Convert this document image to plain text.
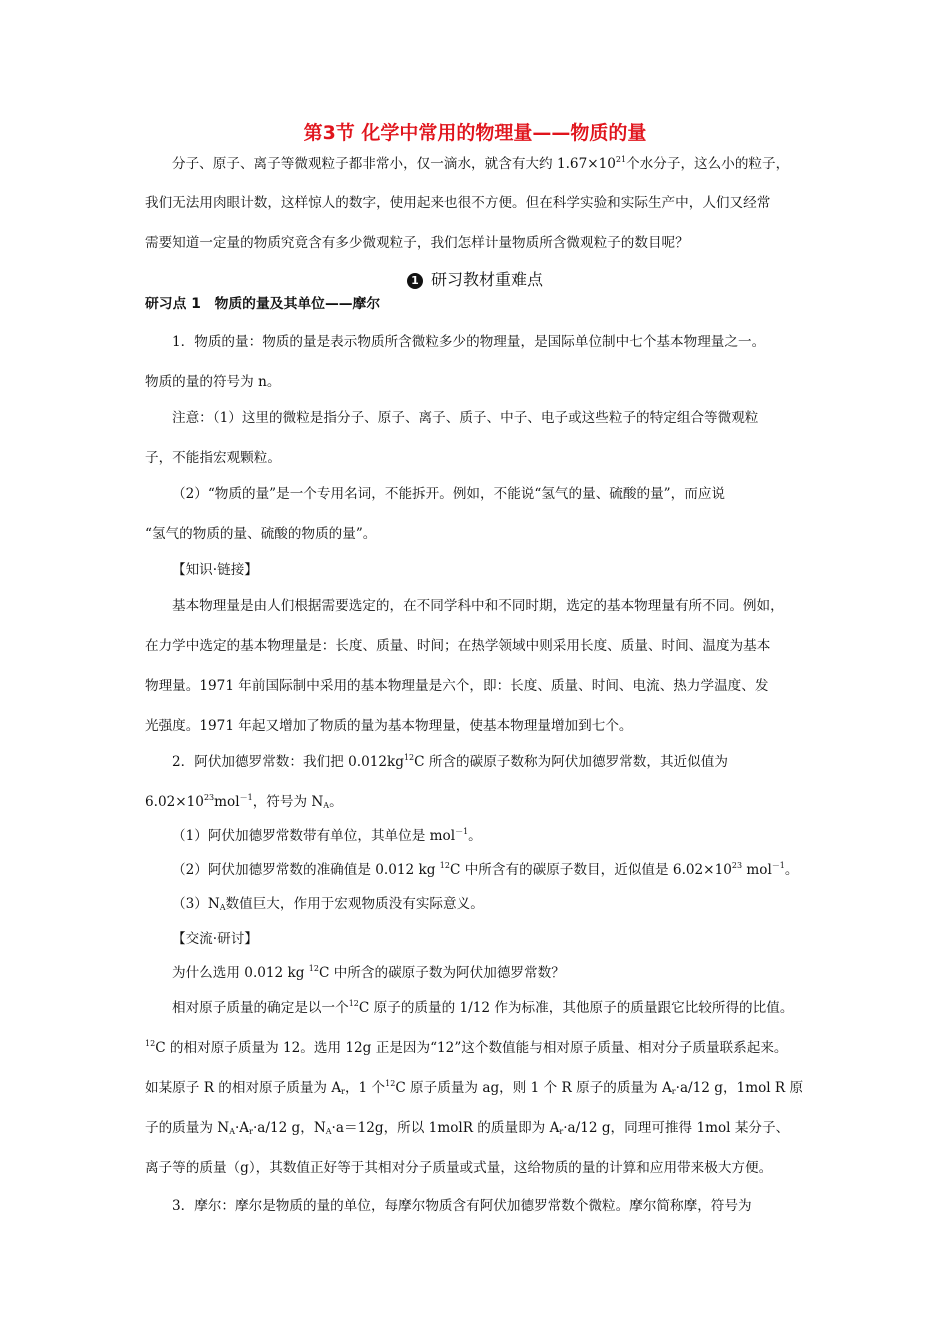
第3节 化学中常用的物理量——物质的量
分子、原子、离子等微观粒子都非常小，仅一滴水，就含有大约 $1.67\times 10^{21}$个水分子，这么小的粒子，
我们无法用肉眼计数，这样惊人的数字，使用起来也很不方便。但在科学实验和实际生产中，人们又经常
需要知道一定量的物质究竟含有多少微观粒子，我们怎样计量物质所含微观粒子的数目呢？
1 研习教材重难点
研习点 1　物质的量及其单位——摩尔
1．物质的量：物质的量是表示物质所含微粒多少的物理量，是国际单位制中七个基本物理量之一。
物质的量的符号为 n。
注意：（1）这里的微粒是指分子、原子、离子、质子、中子、电子或这些粒子的特定组合等微观粒
子，不能指宏观颗粒。
（2）“物质的量”是一个专用名词，不能拆开。例如，不能说“氢气的量、硫酸的量”，而应说
“氢气的物质的量、硫酸的物质的量”。
【知识·链接】
基本物理量是由人们根据需要选定的，在不同学科中和不同时期，选定的基本物理量有所不同。例如，
在力学中选定的基本物理量是：长度、质量、时间；在热学领域中则采用长度、质量、时间、温度为基本
物理量。1971 年前国际制中采用的基本物理量是六个，即：长度、质量、时间、电流、热力学温度、发
光强度。1971 年起又增加了物质的量为基本物理量，使基本物理量增加到七个。
2．阿伏加德罗常数：我们把 $0.012kg^{12}C$ 所含的碳原子数称为阿伏加德罗常数，其近似值为
$6.02\times 10^{23}mol^{-1}$，符号为 $N_A$。
（1）阿伏加德罗常数带有单位，其单位是 mol$^{-1}$。
（2）阿伏加德罗常数的准确值是 0.012 kg $^{12}$C 中所含有的碳原子数目，近似值是 $6.02\times 10^{23}$ mol$^{-1}$。
$(3)N_A$数值巨大，作用于宏观物质没有实际意义。
【交流·研讨】
为什么选用 0.012 kg $^{12}$C 中所含的碳原子数为阿伏加德罗常数？
相对原子质量的确定是以一个$^{12}$C 原子的质量的 1/12 作为标准，其他原子的质量跟它比较所得的比值。
$^{12}$C 的相对原子质量为 12。选用 12g 正是因为“12”这个数值能与相对原子质量、相对分子质量联系起来。
如某原子 R 的相对原子质量为 $A_r$，1 个$^{12}$C 原子质量为 ag，则 1 个 R 原子的质量为 $A_r\cdot a/12$ g，1mol R 原
子的质量为 $N_A\cdot A_r\cdot a/12$ g，$N_A\cdot a=12g$，所以 1molR 的质量即为 $A_r\cdot a/12$ g，同理可推得 1mol 某分子、
离子等的质量（g），其数值正好等于其相对分子质量或式量，这给物质的量的计算和应用带来极大方便。
3．摩尔：摩尔是物质的量的单位，每摩尔物质含有阿伏加德罗常数个微粒。摩尔简称摩，符号为
